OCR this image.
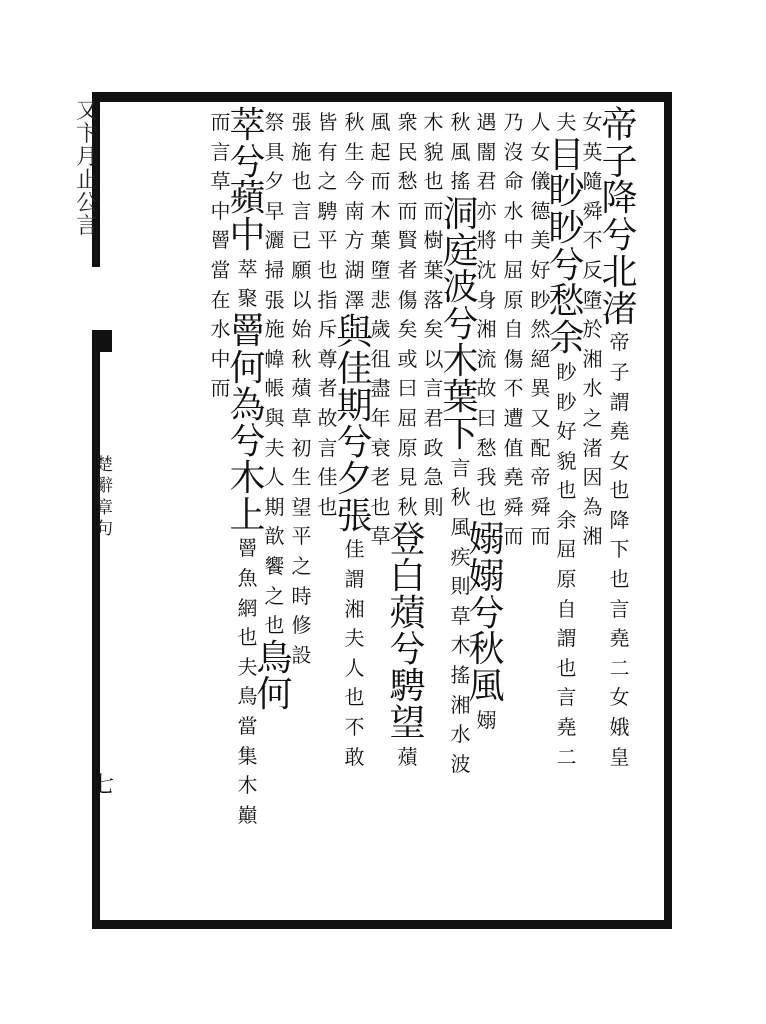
又
卞
月
止
公
言
楚
辭
章
句
七
帝
子
降
兮
北
渚
帝
子
謂
堯
女
也
降
下
也
言
堯
二
女
娥
皇
女
英
隨
舜
不
反
墮
於
湘
水
之
渚
因
為
湘
夫
目
眇
眇
兮
愁
余
眇
眇
好
貌
也
余
屈
原
自
謂
也
言
堯
二
人
女
儀
德
美
好
眇
然
絕
異
又
配
帝
舜
而
乃
沒
命
水
中
屈
原
自
傷
不
遭
值
堯
舜
而
遇
闇
君
亦
將
沈
身
湘
流
故
曰
愁
我
也
嫋
嫋
兮
秋
風
嫋
秋
風
搖
洞
庭
波
兮
木
葉
下
言
秋
風
疾
則
草
木
搖
湘
水
波
木
貌
也
而
樹
葉
落
矣
以
言
君
政
急
則
衆
民
愁
而
賢
者
傷
矣
或
曰
屈
原
見
秋
登
白
薠
兮
騁
望
薠
風
起
而
木
葉
墮
悲
歲
徂
盡
年
衰
老
也
草
秋
生
今
南
方
湖
澤
與
佳
期
兮
夕
張
佳
謂
湘
夫
人
也
不
敢
皆
有
之
騁
平
也
指
斥
尊
者
故
言
佳
也
張
施
也
言
已
願
以
始
秋
薠
草
初
生
望
平
之
時
修
設
祭
具
夕
早
灑
掃
張
施
幃
帳
與
夫
人
期
歆
饗
之
也
鳥
何
萃
兮
蘋
中
萃
聚
罾
何
為
兮
木
上
罾
魚
網
也
夫
鳥
當
集
木
巔
而
言
草
中
罾
當
在
水
中
而
